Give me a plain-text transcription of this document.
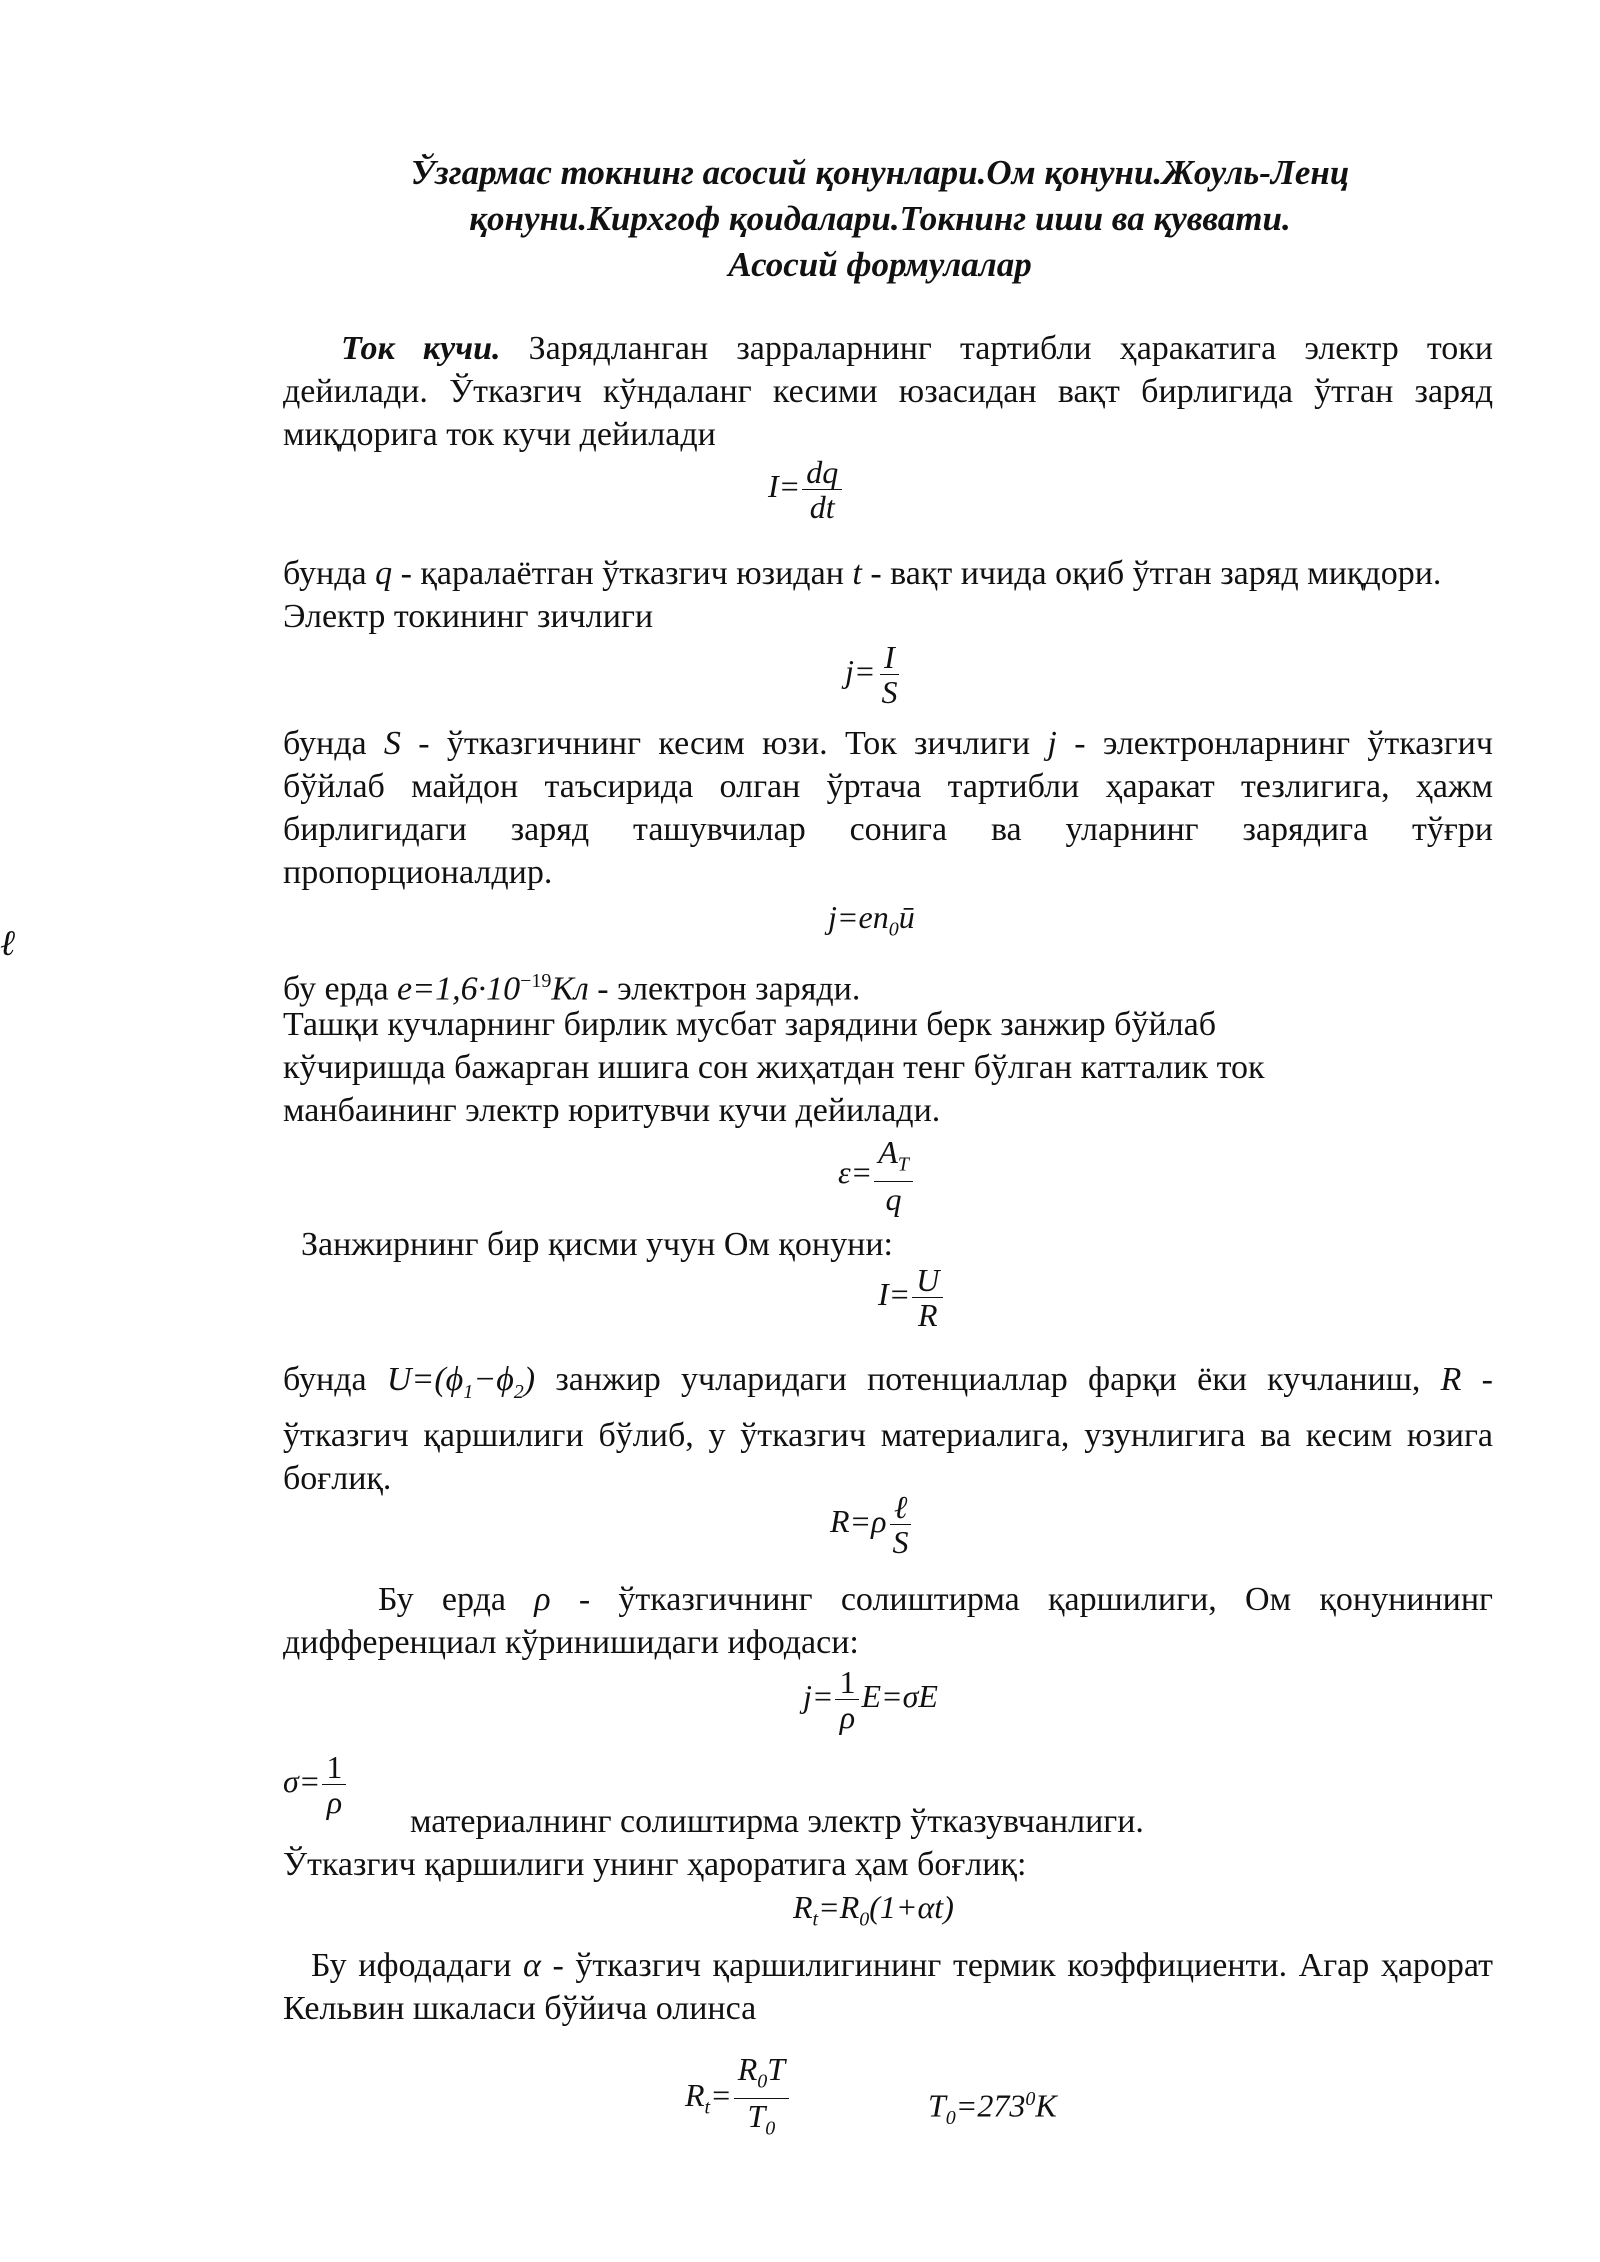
Ўзгармас токнинг асосий қонунлари.Ом қонуни.Жоуль-Ленц
қонуни.Кирхгоф қоидалари.Токнинг иши ва қуввати.
Асосий формулалар
Ток кучи. Зарядланган зарраларнинг тартибли ҳаракатига электр токи дейилади. Ўтказгич кўндаланг кесими юзасидан вақт бирлигида ўтган заряд миқдорига ток кучи дейилади
$I= \frac{dq}{dt}$
бунда q - қаралаётган ўтказгич юзидан t - вақт ичида оқиб ўтган заряд миқдори. Электр токининг зичлиги
$j= \frac{I}{S}$
бунда S - ўтказгичнинг кесим юзи. Ток зичлиги j - электронларнинг ўтказгич бўйлаб майдон таъсирида олган ўртача тартибли ҳаракат тезлигига, ҳажм бирлигидаги заряд ташувчилар сонига ва уларнинг зарядига тўғри пропорционалдир.
$j=en_0ū$
ℓ
бу ерда $e=1,6\cdot 10^{-19}Кл$ - электрон заряди.
Ташқи кучларнинг бирлик мусбат зарядини берк занжир бўйлаб кўчиришда бажарган ишига сон жиҳатдан тенг бўлган катталик ток манбаининг электр юритувчи кучи дейилади.
$\varepsilon= \frac{A_T}{q}$
Занжирнинг бир қисми учун Ом қонуни:
$I= \frac{U}{R}$
бунда $U=(\phi_1-\phi_2)$ занжир учларидаги потенциаллар фарқи ёки кучланиш, R - ўтказгич қаршилиги бўлиб, у ўтказгич материалига, узунлигига ва кесим юзига боғлиқ.
$R=\rho \frac{\text{ℓ}}{S}$
Бу ерда ρ - ўтказгичнинг солиштирма қаршилиги, Ом қонунининг дифференциал кўринишидаги ифодаси:
$j= \frac{1}{\rho} E=\sigma E$
$\sigma= \frac{1}{\rho}$
материалнинг солиштирма электр ўтказувчанлиги.
Ўтказгич қаршилиги унинг ҳароратига ҳам боғлиқ:
$R_t=R_0(1+\alpha t)$
Бу ифодадаги α - ўтказгич қаршилигининг термик коэффициенти. Агар ҳарорат Кельвин шкаласи бўйича олинса
$R_t= \frac{R_0T}{T_0}$	$T_0=273^0K$
